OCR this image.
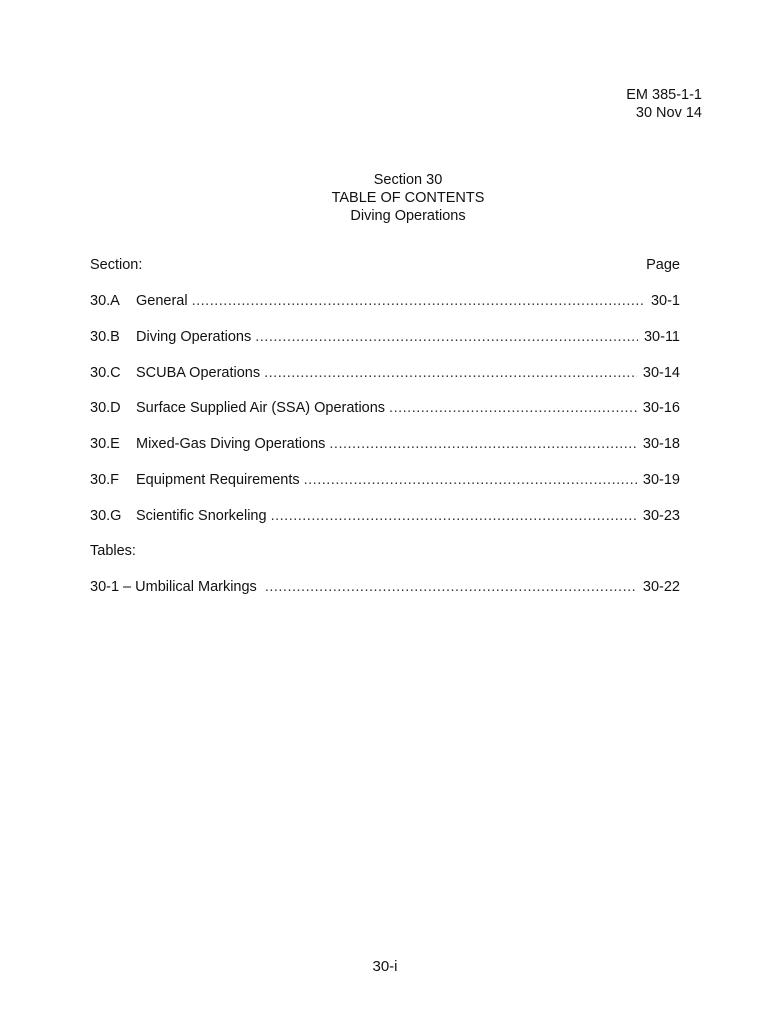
EM 385-1-1
30 Nov 14
Section 30
TABLE OF CONTENTS
Diving Operations
Section:	Page
30.A	General .....	30-1
30.B	Diving Operations .....	30-11
30.C	SCUBA Operations .....	30-14
30.D	Surface Supplied Air (SSA) Operations .....	30-16
30.E	Mixed-Gas Diving Operations .....	30-18
30.F	Equipment Requirements .....	30-19
30.G	Scientific Snorkeling .....	30-23
Tables:
30-1 – Umbilical Markings .....	30-22
30-i
